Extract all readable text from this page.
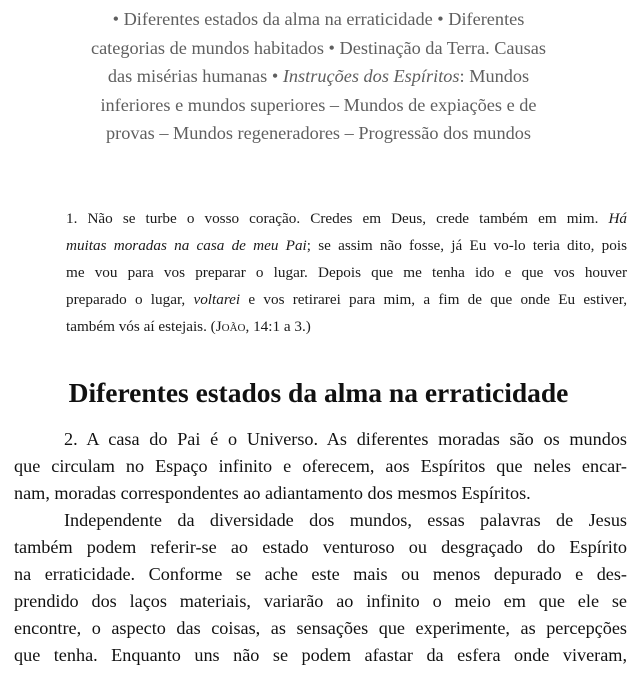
• Diferentes estados da alma na erraticidade • Diferentes
categorias de mundos habitados • Destinação da Terra. Causas
das misérias humanas • Instruções dos Espíritos: Mundos
inferiores e mundos superiores – Mundos de expiações e de
provas – Mundos regeneradores – Progressão dos mundos
1. Não se turbe o vosso coração. Credes em Deus, crede também em mim. Há
muitas moradas na casa de meu Pai; se assim não fosse, já Eu vo-lo teria dito, pois
me vou para vos preparar o lugar. Depois que me tenha ido e que vos houver
preparado o lugar, voltarei e vos retirarei para mim, a fim de que onde Eu estiver,
também vós aí estejais. (João, 14:1 a 3.)
Diferentes estados da alma na erraticidade
2. A casa do Pai é o Universo. As diferentes moradas são os mundos
que circulam no Espaço infinito e oferecem, aos Espíritos que neles encar-
nam, moradas correspondentes ao adiantamento dos mesmos Espíritos.
Independente da diversidade dos mundos, essas palavras de Jesus
também podem referir-se ao estado venturoso ou desgraçado do Espírito
na erraticidade. Conforme se ache este mais ou menos depurado e des-
prendido dos laços materiais, variarão ao infinito o meio em que ele se
encontre, o aspecto das coisas, as sensações que experimente, as percepções
que tenha. Enquanto uns não se podem afastar da esfera onde viveram,
